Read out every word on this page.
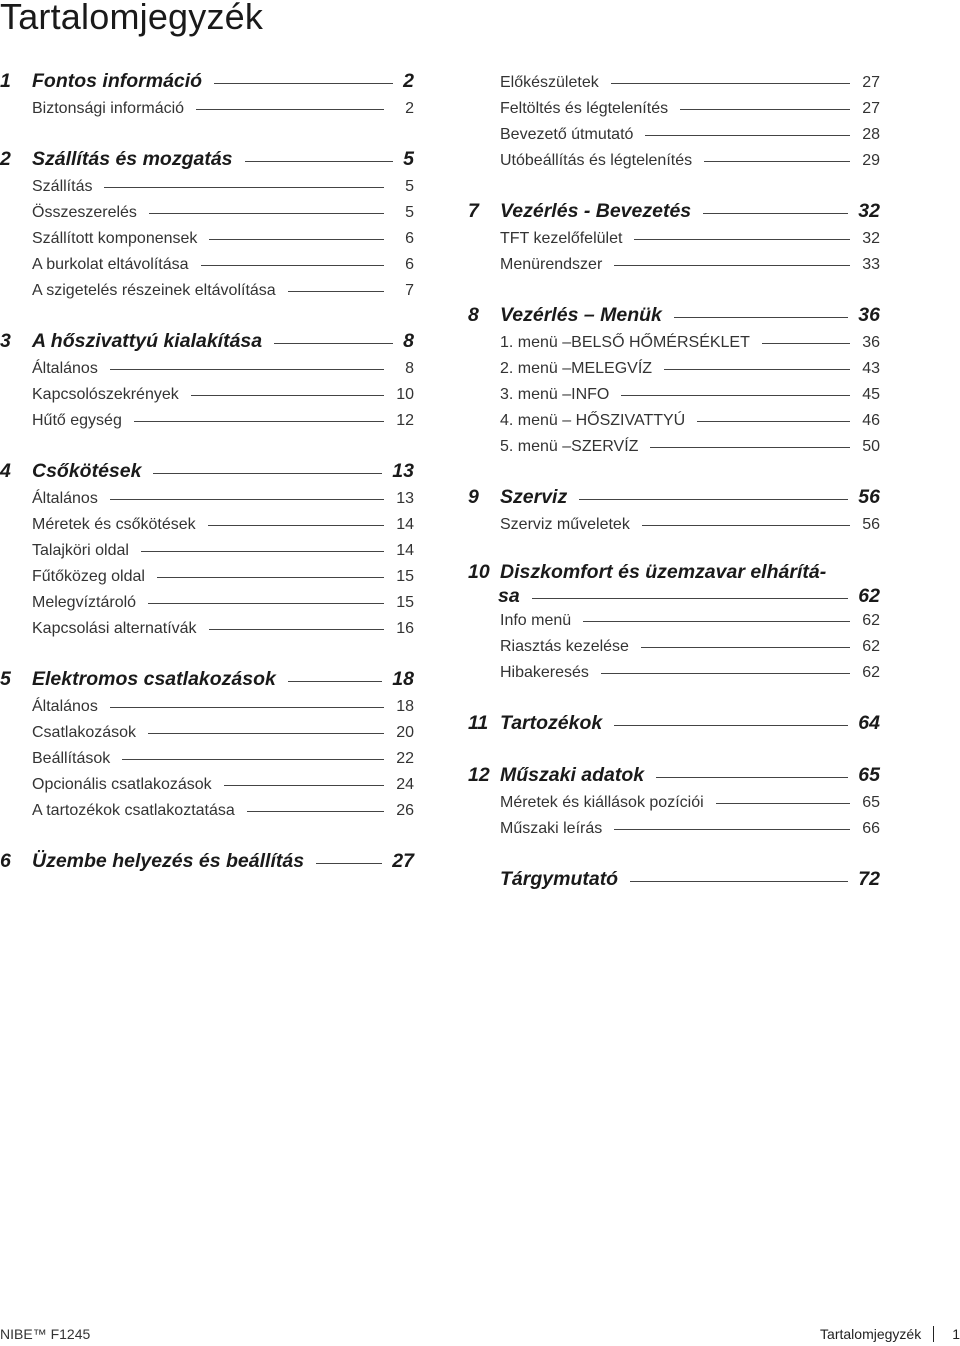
Tartalomjegyzék
1	Fontos információ	2
Biztonsági információ	2
2	Szállítás és mozgatás	5
Szállítás	5
Összeszerelés	5
Szállított komponensek	6
A burkolat eltávolítása	6
A szigetelés részeinek eltávolítása	7
3	A hőszivattyú kialakítása	8
Általános	8
Kapcsolószekrények	10
Hűtő egység	12
4	Csőkötések	13
Általános	13
Méretek és csőkötések	14
Talajköri oldal	14
Fűtőközeg oldal	15
Melegvíztároló	15
Kapcsolási alternatívák	16
5	Elektromos csatlakozások	18
Általános	18
Csatlakozások	20
Beállítások	22
Opcionális csatlakozások	24
A tartozékok csatlakoztatása	26
6	Üzembe helyezés és beállítás	27
Előkészületek	27
Feltöltés és légtelenítés	27
Bevezető útmutató	28
Utóbeállítás és légtelenítés	29
7	Vezérlés - Bevezetés	32
TFT kezelőfelület	32
Menürendszer	33
8	Vezérlés – Menük	36
1. menü –BELSŐ HŐMÉRSÉKLET	36
2. menü –MELEGVÍZ	43
3. menü –INFO	45
4. menü – HŐSZIVATTYÚ	46
5. menü –SZERVÍZ	50
9	Szerviz	56
Szerviz műveletek	56
10 Diszkomfort és üzemzavar elhárítá-
sa	62
Info menü	62
Riasztás kezelése	62
Hibakeresés	62
11 Tartozékok	64
12 Műszaki adatok	65
Méretek és kiállások pozíciói	65
Műszaki leírás	66
Tárgymutató	72
NIBE™ F1245	Tartalomjegyzék 1
